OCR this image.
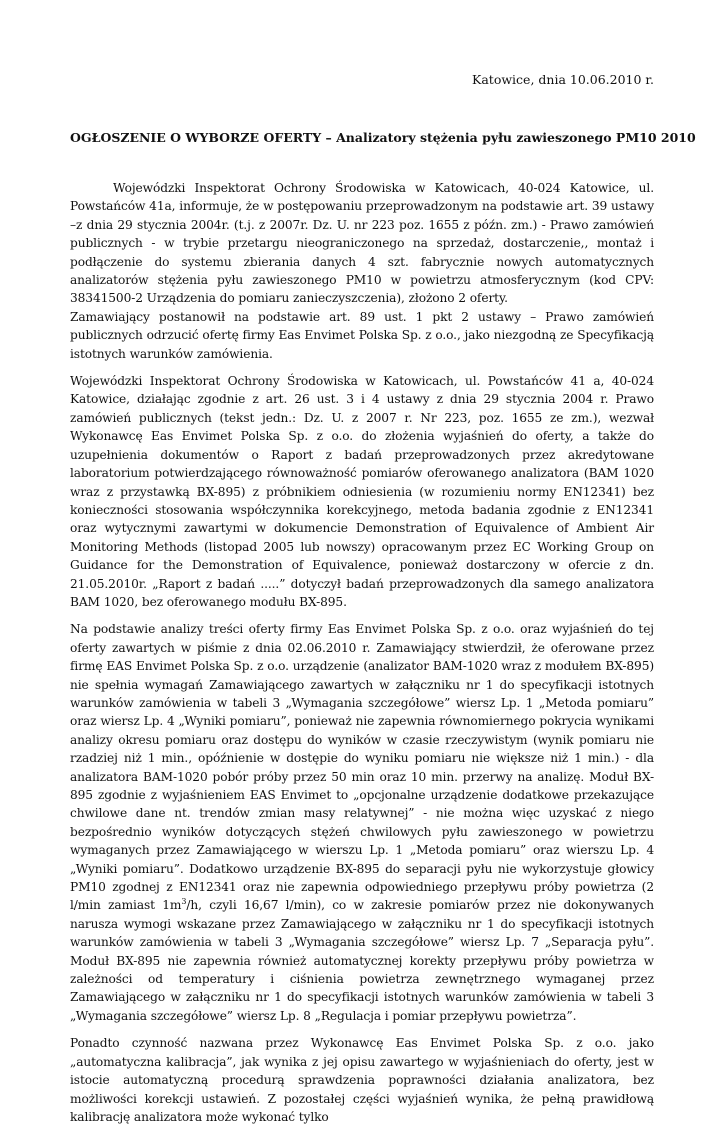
Katowice, dnia 10.06.2010 r.
OGŁOSZENIE O WYBORZE OFERTY – Analizatory stężenia pyłu zawieszonego PM10 2010

Wojewódzki Inspektorat Ochrony Środowiska w Katowicach, 40-024 Katowice, ul. Powstańców 41a, informuje, że w postępowaniu przeprowadzonym na podstawie art. 39 ustawy –z dnia 29 stycznia 2004r. (t.j. z 2007r. Dz. U. nr 223 poz. 1655 z późn. zm.) - Prawo zamówień publicznych - w trybie przetargu nieograniczonego na sprzedaż, dostarczenie,, montaż i podłączenie do systemu zbierania danych 4 szt. fabrycznie nowych automatycznych analizatorów stężenia pyłu zawieszonego PM10 w powietrzu atmosferycznym (kod CPV: 38341500-2 Urządzenia do pomiaru zanieczyszczenia), złożono 2 oferty.

Zamawiający postanowił na podstawie art. 89 ust. 1 pkt 2 ustawy – Prawo zamówień publicznych odrzucić ofertę firmy Eas Envimet Polska Sp. z o.o., jako niezgodną ze Specyfikacją istotnych warunków zamówienia.

Wojewódzki Inspektorat Ochrony Środowiska w Katowicach, ul. Powstańców 41 a, 40-024 Katowice, działając zgodnie z art. 26 ust. 3 i 4 ustawy z dnia 29 stycznia 2004 r. Prawo zamówień publicznych (tekst jedn.: Dz. U. z 2007 r. Nr 223, poz. 1655 ze zm.), wezwał Wykonawcę Eas Envimet Polska Sp. z o.o. do złożenia wyjaśnień do oferty, a także do uzupełnienia dokumentów o Raport z badań przeprowadzonych przez akredytowane laboratorium potwierdzającego równoważność pomiarów oferowanego analizatora (BAM 1020 wraz z przystawką BX-895) z próbnikiem odniesienia (w rozumieniu normy EN12341) bez konieczności stosowania współczynnika korekcyjnego, metoda badania zgodnie z EN12341 oraz wytycznymi zawartymi w dokumencie Demonstration of Equivalence of Ambient Air Monitoring Methods (listopad 2005 lub nowszy) opracowanym przez EC Working Group on Guidance for the Demonstration of Equivalence, ponieważ dostarczony w ofercie z dn. 21.05.2010r. „Raport z badań .....” dotyczył badań przeprowadzonych dla samego analizatora BAM 1020, bez oferowanego modułu BX-895.

Na podstawie analizy treści oferty firmy Eas Envimet Polska Sp. z o.o. oraz wyjaśnień do tej oferty zawartych w piśmie z dnia 02.06.2010 r. Zamawiający stwierdził, że oferowane przez firmę EAS Envimet Polska Sp. z o.o. urządzenie (analizator BAM-1020 wraz z modułem BX-895) nie spełnia wymagań Zamawiającego zawartych w załączniku nr 1 do specyfikacji istotnych warunków zamówienia w tabeli 3 „Wymagania szczegółowe” wiersz Lp. 1 „Metoda pomiaru” oraz wiersz Lp. 4 „Wyniki pomiaru”, ponieważ nie zapewnia równomiernego pokrycia wynikami analizy okresu pomiaru oraz dostępu do wyników w czasie rzeczywistym (wynik pomiaru nie rzadziej niż 1 min., opóźnienie w dostępie do wyniku pomiaru nie większe niż 1 min.) - dla analizatora BAM-1020 pobór próby przez 50 min oraz 10 min. przerwy na analizę. Moduł BX-895 zgodnie z wyjaśnieniem EAS Envimet to „opcjonalne urządzenie dodatkowe przekazujące chwilowe dane nt. trendów zmian masy relatywnej” - nie można więc uzyskać z niego bezpośrednio wyników dotyczących stężeń chwilowych pyłu zawieszonego w powietrzu wymaganych przez Zamawiającego w wierszu Lp. 1 „Metoda pomiaru” oraz wierszu Lp. 4 „Wyniki pomiaru”. Dodatkowo urządzenie BX-895 do separacji pyłu nie wykorzystuje głowicy PM10 zgodnej z EN12341 oraz nie zapewnia odpowiedniego przepływu próby powietrza (2 l/min zamiast $1m^3/h$, czyli 16,67 l/min), co w zakresie pomiarów przez nie dokonywanych narusza wymogi wskazane przez Zamawiającego w załączniku nr 1 do specyfikacji istotnych warunków zamówienia w tabeli 3 „Wymagania szczegółowe” wiersz Lp. 7 „Separacja pyłu”. Moduł BX-895 nie zapewnia również automatycznej korekty przepływu próby powietrza w zależności od temperatury i ciśnienia powietrza zewnętrznego wymaganej przez Zamawiającego w załączniku nr 1 do specyfikacji istotnych warunków zamówienia w tabeli 3 „Wymagania szczegółowe” wiersz Lp. 8 „Regulacja i pomiar przepływu powietrza”.

Ponadto czynność nazwana przez Wykonawcę Eas Envimet Polska Sp. z o.o. jako „automatyczna kalibracja”, jak wynika z jej opisu zawartego w wyjaśnieniach do oferty, jest w istocie automatyczną procedurą sprawdzenia poprawności działania analizatora, bez możliwości korekcji ustawień. Z pozostałej części wyjaśnień wynika, że pełną prawidłową kalibrację analizatora może wykonać tylko
